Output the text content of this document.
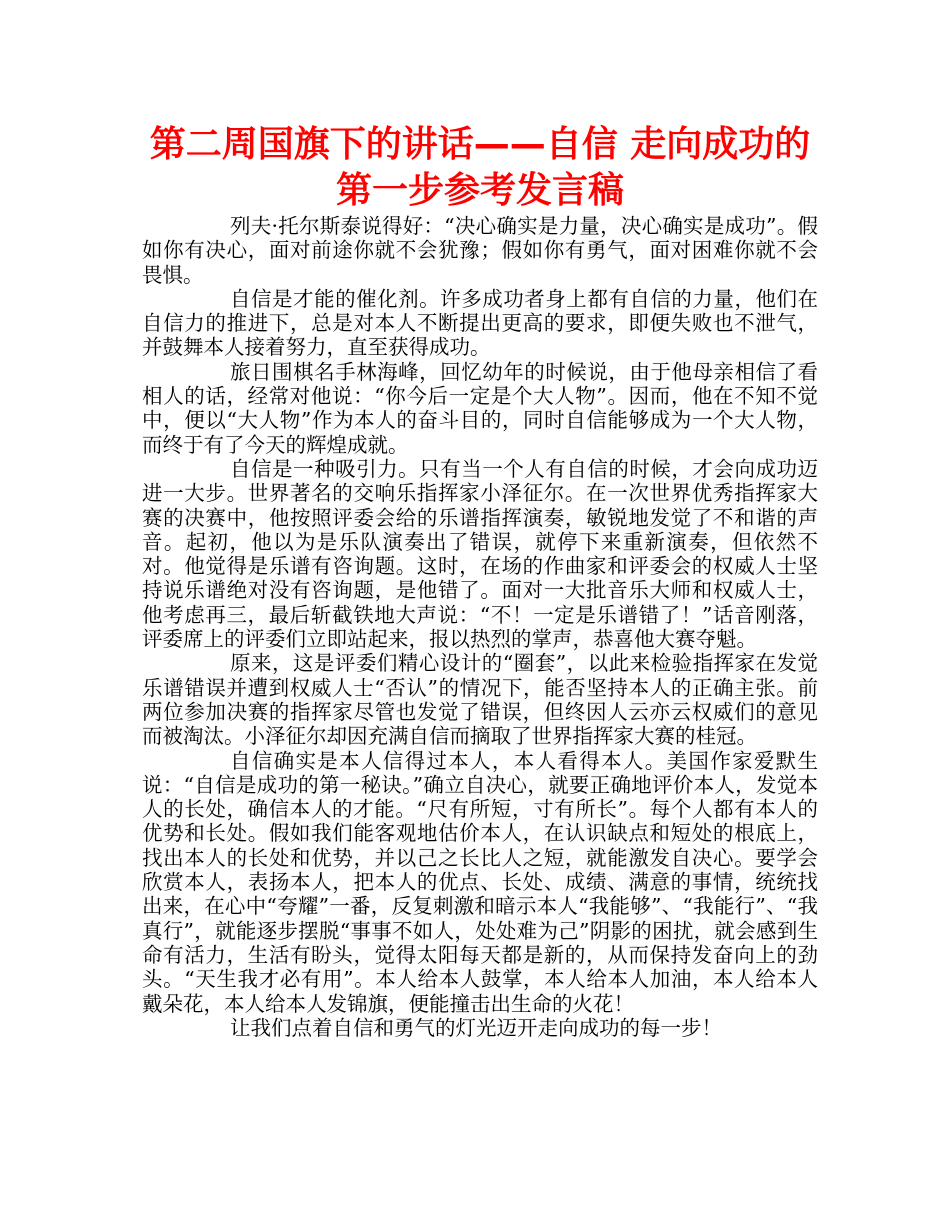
第二周国旗下的讲话——自信 走向成功的
第一步参考发言稿

列夫·托尔斯泰说得好：“决心确实是力量，决心确实是成功”。假如你有决心，面对前途你就不会犹豫；假如你有勇气，面对困难你就不会畏惧。

自信是才能的催化剂。许多成功者身上都有自信的力量，他们在自信力的推进下，总是对本人不断提出更高的要求，即便失败也不泄气，并鼓舞本人接着努力，直至获得成功。

旅日围棋名手林海峰，回忆幼年的时候说，由于他母亲相信了看相人的话，经常对他说：“你今后一定是个大人物”。因而，他在不知不觉中，便以“大人物”作为本人的奋斗目的，同时自信能够成为一个大人物，而终于有了今天的辉煌成就。

自信是一种吸引力。只有当一个人有自信的时候，才会向成功迈进一大步。世界著名的交响乐指挥家小泽征尔。在一次世界优秀指挥家大赛的决赛中，他按照评委会给的乐谱指挥演奏，敏锐地发觉了不和谐的声音。起初，他以为是乐队演奏出了错误，就停下来重新演奏，但依然不对。他觉得是乐谱有咨询题。这时，在场的作曲家和评委会的权威人士坚持说乐谱绝对没有咨询题，是他错了。面对一大批音乐大师和权威人士，他考虑再三，最后斩截铁地大声说：“不！一定是乐谱错了！”话音刚落，评委席上的评委们立即站起来，报以热烈的掌声，恭喜他大赛夺魁。

原来，这是评委们精心设计的“圈套”，以此来检验指挥家在发觉乐谱错误并遭到权威人士“否认”的情况下，能否坚持本人的正确主张。前两位参加决赛的指挥家尽管也发觉了错误，但终因人云亦云权威们的意见而被淘汰。小泽征尔却因充满自信而摘取了世界指挥家大赛的桂冠。

自信确实是本人信得过本人，本人看得本人。美国作家爱默生说：“自信是成功的第一秘诀。”确立自决心，就要正确地评价本人，发觉本人的长处，确信本人的才能。“尺有所短，寸有所长”。每个人都有本人的优势和长处。假如我们能客观地估价本人，在认识缺点和短处的根底上，找出本人的长处和优势，并以己之长比人之短，就能激发自决心。要学会欣赏本人，表扬本人，把本人的优点、长处、成绩、满意的事情，统统找出来，在心中“夸耀”一番，反复刺激和暗示本人“我能够”、“我能行”、“我真行”，就能逐步摆脱“事事不如人，处处难为己”阴影的困扰，就会感到生命有活力，生活有盼头，觉得太阳每天都是新的，从而保持发奋向上的劲头。“天生我才必有用”。本人给本人鼓掌，本人给本人加油，本人给本人戴朵花，本人给本人发锦旗，便能撞击出生命的火花！

让我们点着自信和勇气的灯光迈开走向成功的每一步！
